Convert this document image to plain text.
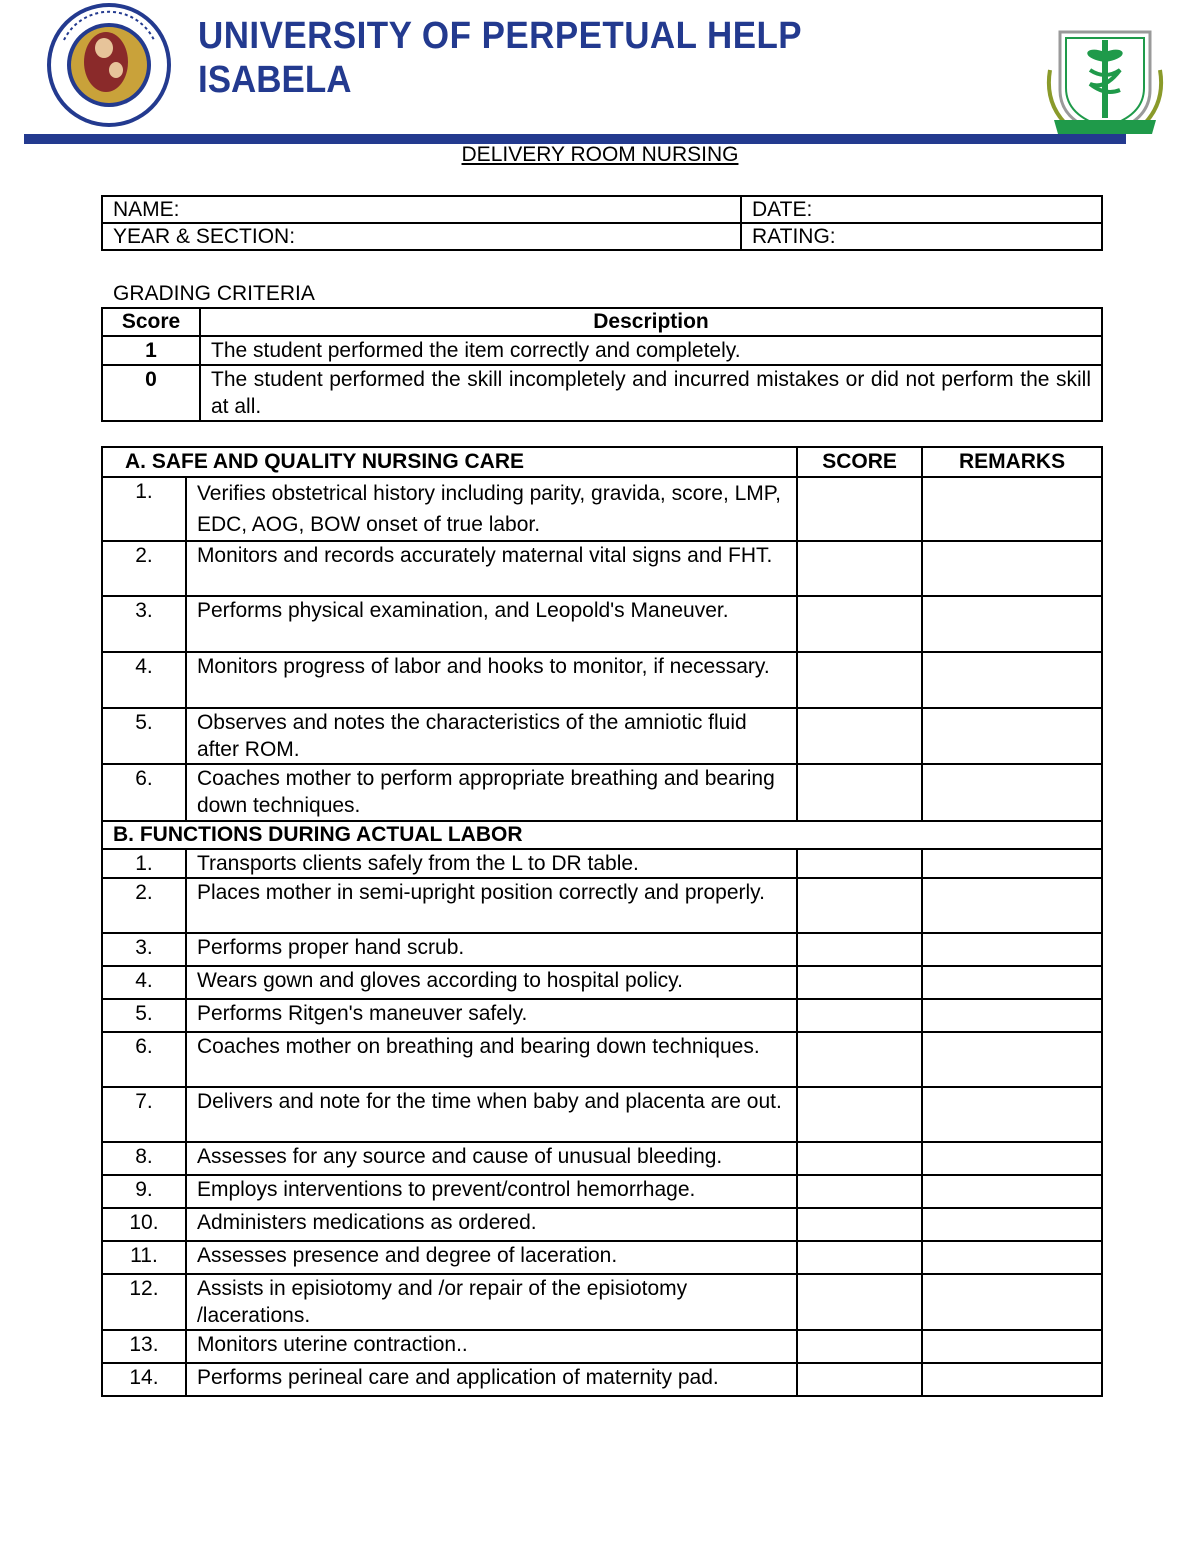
UNIVERSITY OF PERPETUAL HELP
ISABELA
DELIVERY ROOM NURSING
NAME:	DATE:
YEAR & SECTION:	RATING:
GRADING CRITERIA
Score	Description
1	The student performed the item correctly and completely.
0	The student performed the skill incompletely and incurred mistakes or did not perform the skill at all.
A. SAFE AND QUALITY NURSING CARE		SCORE	REMARKS
1.	Verifies obstetrical history including parity, gravida, score, LMP, EDC, AOG, BOW onset of true labor.		
2.	Monitors and records accurately maternal vital signs and FHT.		
3.	Performs physical examination, and Leopold's Maneuver.		
4.	Monitors progress of labor and hooks to monitor, if necessary.		
5.	Observes and notes the characteristics of the amniotic fluid after ROM.		
6.	Coaches mother to perform appropriate breathing and bearing down techniques.		
B. FUNCTIONS DURING ACTUAL LABOR			
1.	Transports clients safely from the L to DR table.		
2.	Places mother in semi-upright position correctly and properly.		
3.	Performs proper hand scrub.		
4.	Wears gown and gloves according to hospital policy.		
5.	Performs Ritgen's maneuver safely.		
6.	Coaches mother on breathing and bearing down techniques.		
7.	Delivers and note for the time when baby and placenta are out.		
8.	Assesses for any source and cause of unusual bleeding.		
9.	Employs interventions to prevent/control hemorrhage.		
10.	Administers medications as ordered.		
11.	Assesses presence and degree of laceration.		
12.	Assists in episiotomy and /or repair of the episiotomy /lacerations.		
13.	Monitors uterine contraction..		
14.	Performs perineal care and application of maternity pad.		
